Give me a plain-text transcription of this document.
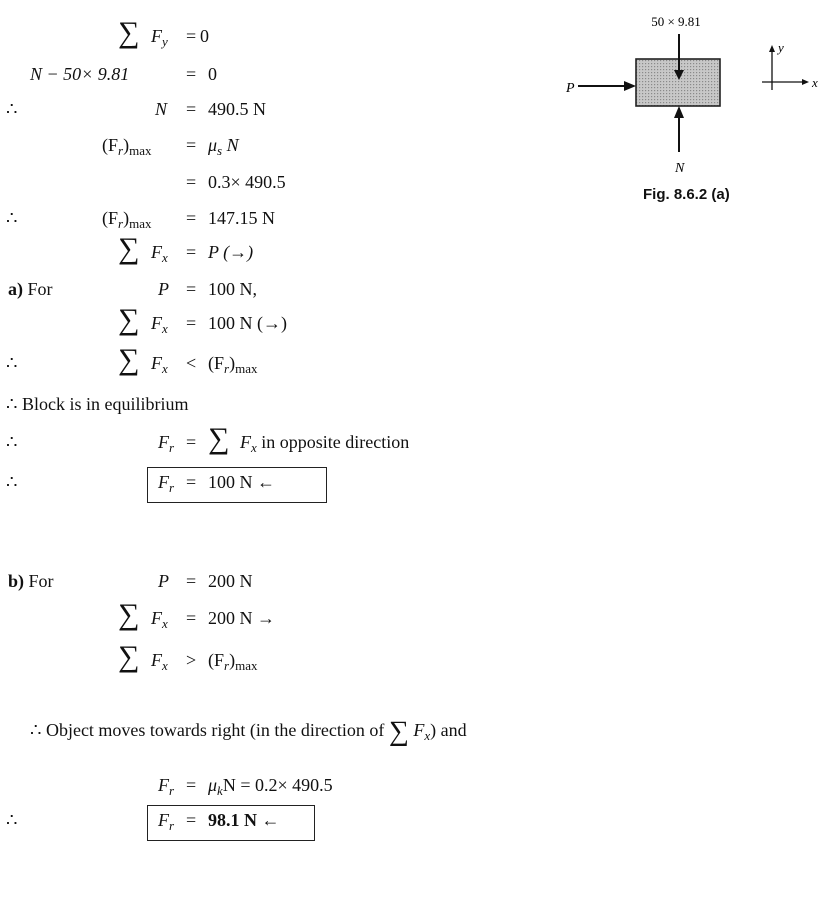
50 × 9.81
P
N
y
x
Fig. 8.6.2 (a)
∑ $F_y = 0$
N − 50× 9.81	= 0
∴	N = 490.5 N
$(F_r)_{max} = \mu_s$ N
= 0.3× 490.5
∴	$(F_r)_{max} = 147.15$ N
∑ $F_x = P$ (→)
a) For	P = 100 N,
∑ $F_x = 100$ N (→)
∴	∑ $F_x < (F_r)_{max}$
∴ Block is in equilibrium
∴	$F_r$ = ∑ $F_x$ in opposite direction
∴	$F_r = 100$ N ←
b) For	P = 200 N
∑ $F_x = 200$ N →
∑ $F_x > (F_r)_{max}$
∴ Object moves towards right (in the direction of ∑ $F_x$) and
$F_r = \mu_kN = 0.2\times 490.5$
∴	$F_r = 98.1$ N ←
